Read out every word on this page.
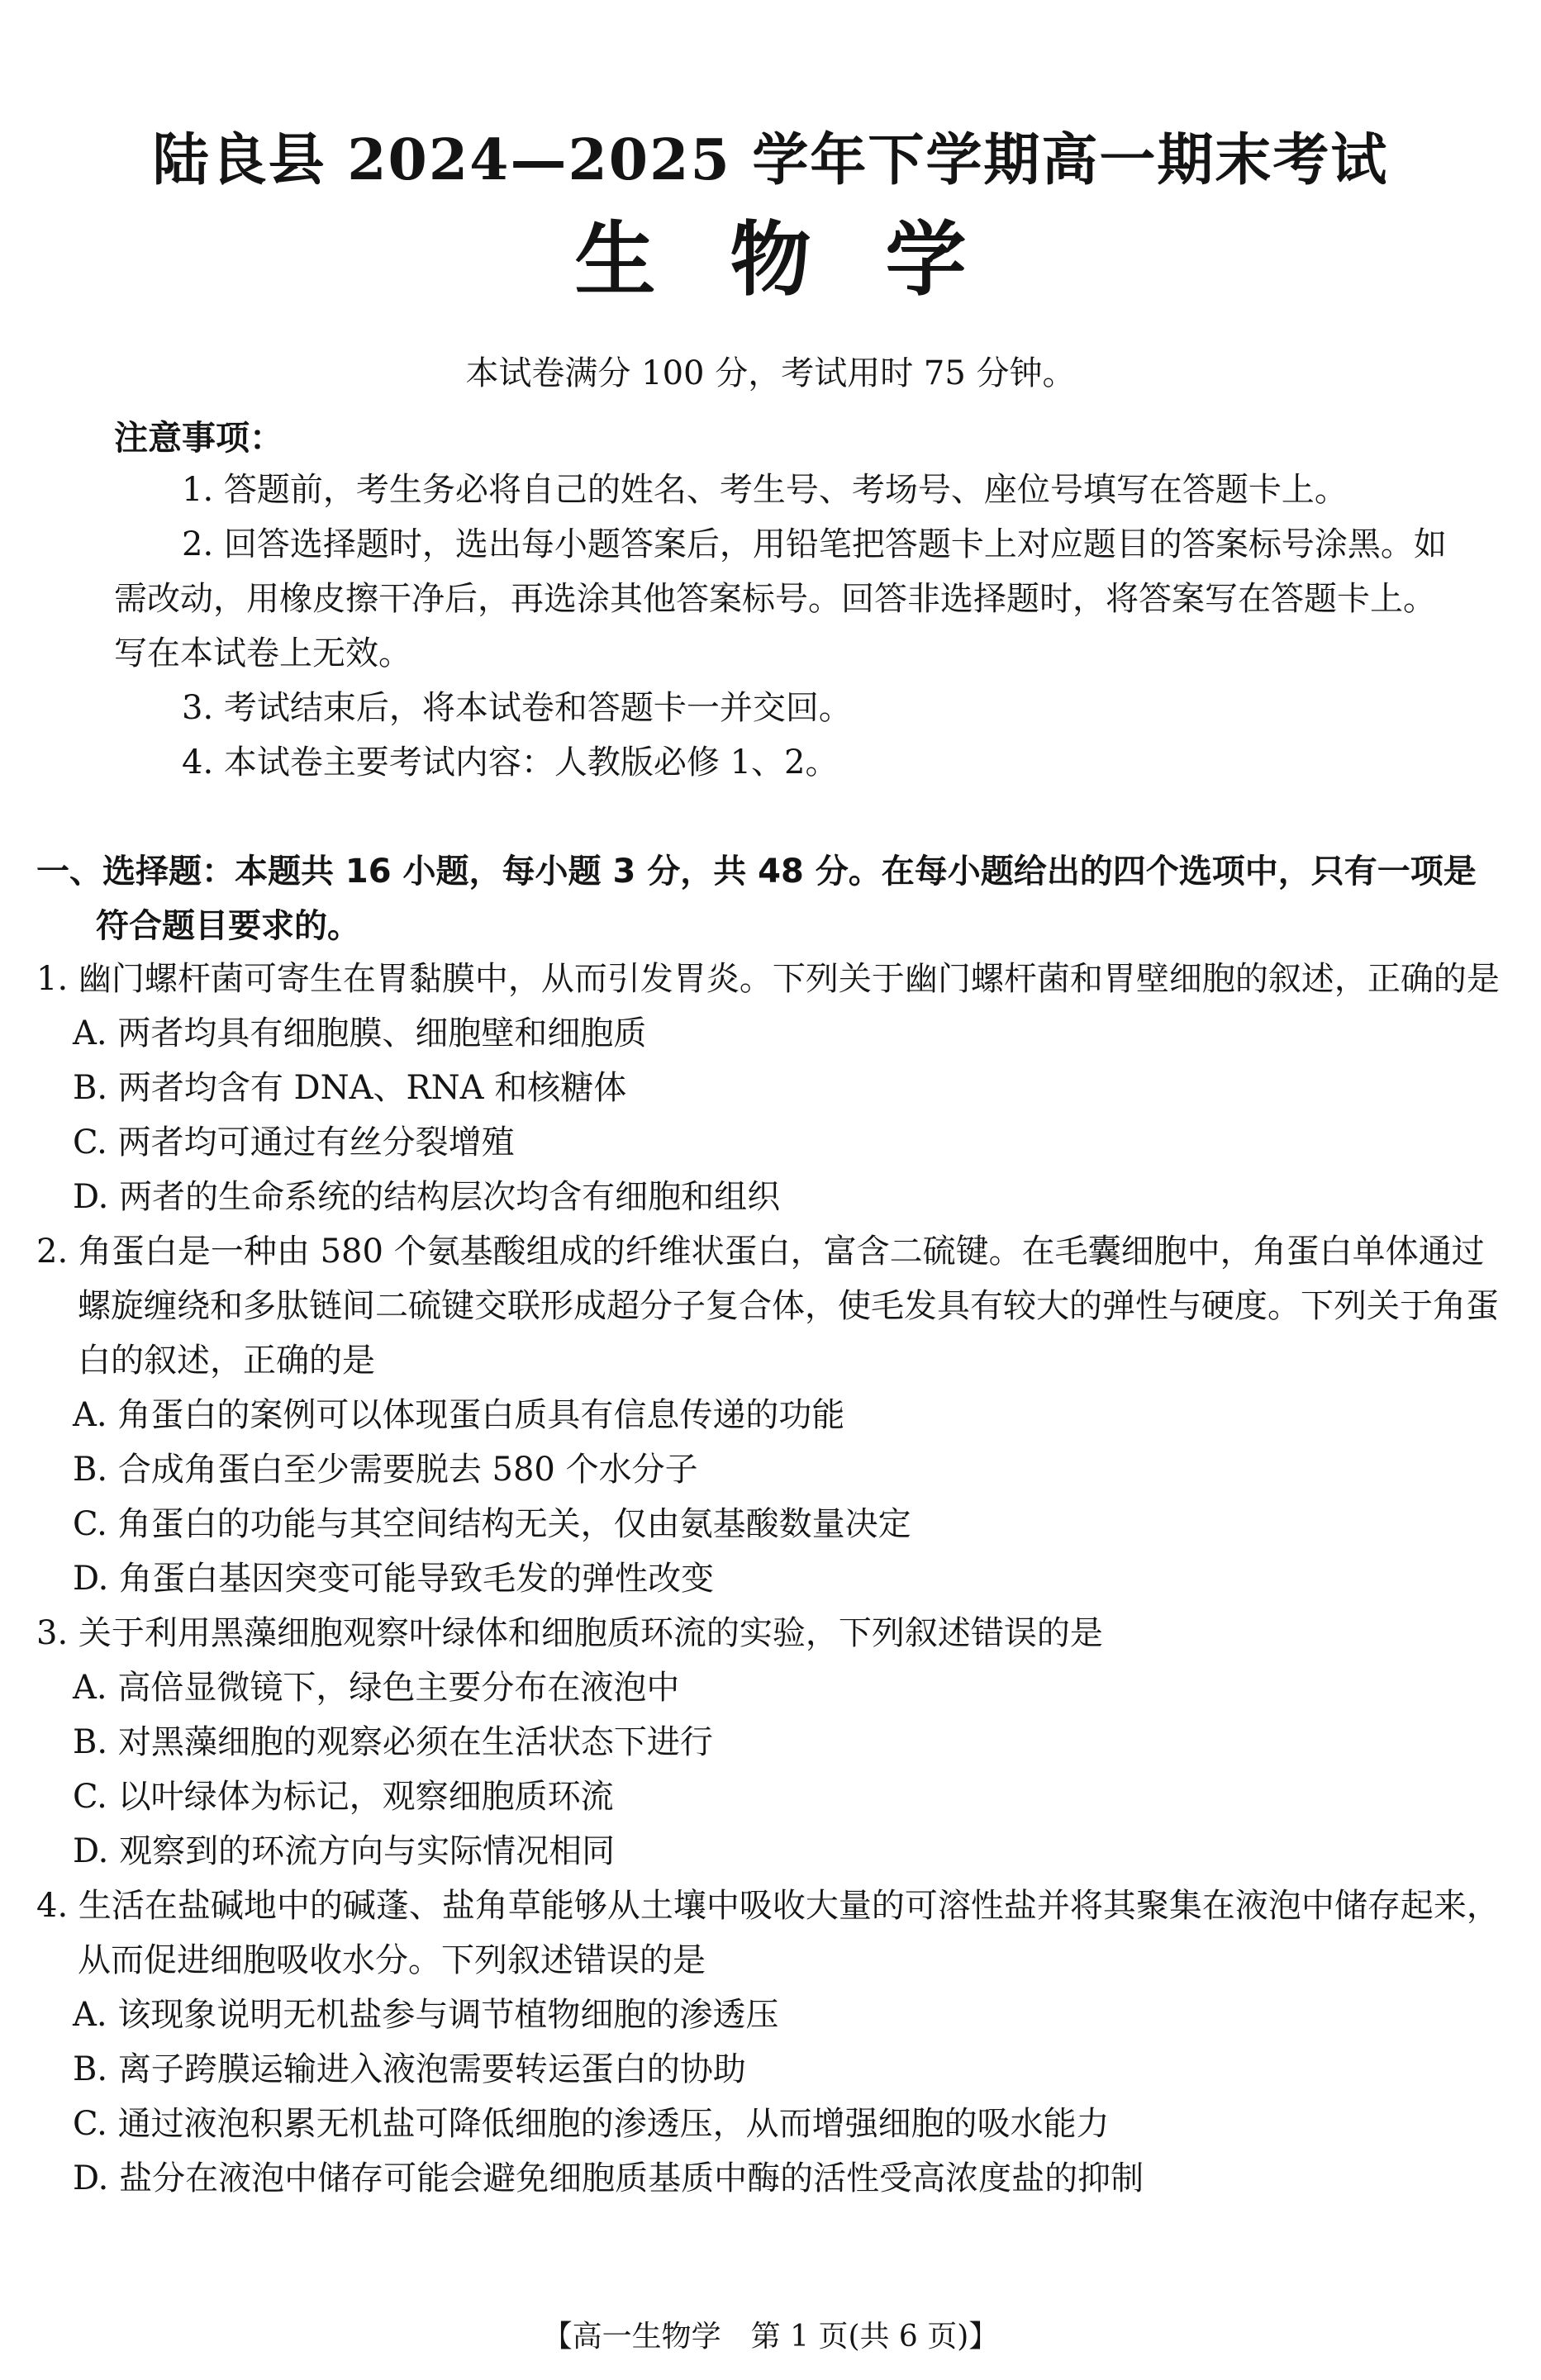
陆良县 2024—2025 学年下学期高一期末考试
生物学
本试卷满分 100 分，考试用时 75 分钟。
注意事项：

1. 答题前，考生务必将自己的姓名、考生号、考场号、座位号填写在答题卡上。

2. 回答选择题时，选出每小题答案后，用铅笔把答题卡上对应题目的答案标号涂黑。如需改动，用橡皮擦干净后，再选涂其他答案标号。回答非选择题时，将答案写在答题卡上。写在本试卷上无效。

3. 考试结束后，将本试卷和答题卡一并交回。

4. 本试卷主要考试内容：人教版必修 1、2。

一、选择题：本题共 16 小题，每小题 3 分，共 48 分。在每小题给出的四个选项中，只有一项是符合题目要求的。
1. 幽门螺杆菌可寄生在胃黏膜中，从而引发胃炎。下列关于幽门螺杆菌和胃壁细胞的叙述，正确的是
A. 两者均具有细胞膜、细胞壁和细胞质
B. 两者均含有 DNA、RNA 和核糖体
C. 两者均可通过有丝分裂增殖
D. 两者的生命系统的结构层次均含有细胞和组织
2. 角蛋白是一种由 580 个氨基酸组成的纤维状蛋白，富含二硫键。在毛囊细胞中，角蛋白单体通过螺旋缠绕和多肽链间二硫键交联形成超分子复合体，使毛发具有较大的弹性与硬度。下列关于角蛋白的叙述，正确的是
A. 角蛋白的案例可以体现蛋白质具有信息传递的功能
B. 合成角蛋白至少需要脱去 580 个水分子
C. 角蛋白的功能与其空间结构无关，仅由氨基酸数量决定
D. 角蛋白基因突变可能导致毛发的弹性改变
3. 关于利用黑藻细胞观察叶绿体和细胞质环流的实验，下列叙述错误的是
A. 高倍显微镜下，绿色主要分布在液泡中
B. 对黑藻细胞的观察必须在生活状态下进行
C. 以叶绿体为标记，观察细胞质环流
D. 观察到的环流方向与实际情况相同
4. 生活在盐碱地中的碱蓬、盐角草能够从土壤中吸收大量的可溶性盐并将其聚集在液泡中储存起来，从而促进细胞吸收水分。下列叙述错误的是
A. 该现象说明无机盐参与调节植物细胞的渗透压
B. 离子跨膜运输进入液泡需要转运蛋白的协助
C. 通过液泡积累无机盐可降低细胞的渗透压，从而增强细胞的吸水能力
D. 盐分在液泡中储存可能会避免细胞质基质中酶的活性受高浓度盐的抑制
【高一生物学　第 1 页(共 6 页)】
